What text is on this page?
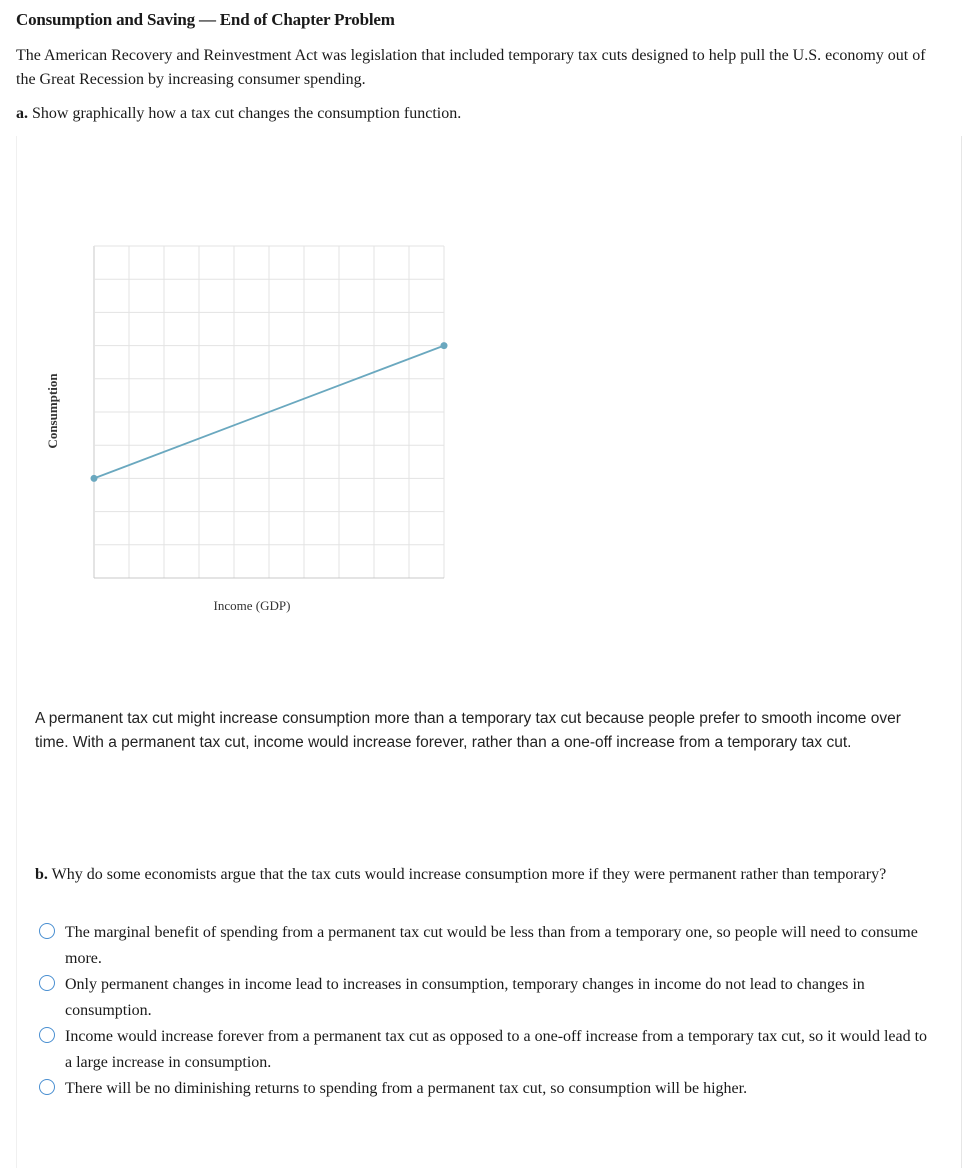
Consumption and Saving — End of Chapter Problem
The American Recovery and Reinvestment Act was legislation that included temporary tax cuts designed to help pull the U.S. economy out of the Great Recession by increasing consumer spending.
a. Show graphically how a tax cut changes the consumption function.
Income (GDP)
Consumption
A permanent tax cut might increase consumption more than a temporary tax cut because people prefer to smooth income over time. With a permanent tax cut, income would increase forever, rather than a one-off increase from a temporary tax cut.
b. Why do some economists argue that the tax cuts would increase consumption more if they were permanent rather than temporary?
The marginal benefit of spending from a permanent tax cut would be less than from a temporary one, so people will need to consume more.
Only permanent changes in income lead to increases in consumption, temporary changes in income do not lead to changes in consumption.
Income would increase forever from a permanent tax cut as opposed to a one-off increase from a temporary tax cut, so it would lead to a large increase in consumption.
There will be no diminishing returns to spending from a permanent tax cut, so consumption will be higher.
